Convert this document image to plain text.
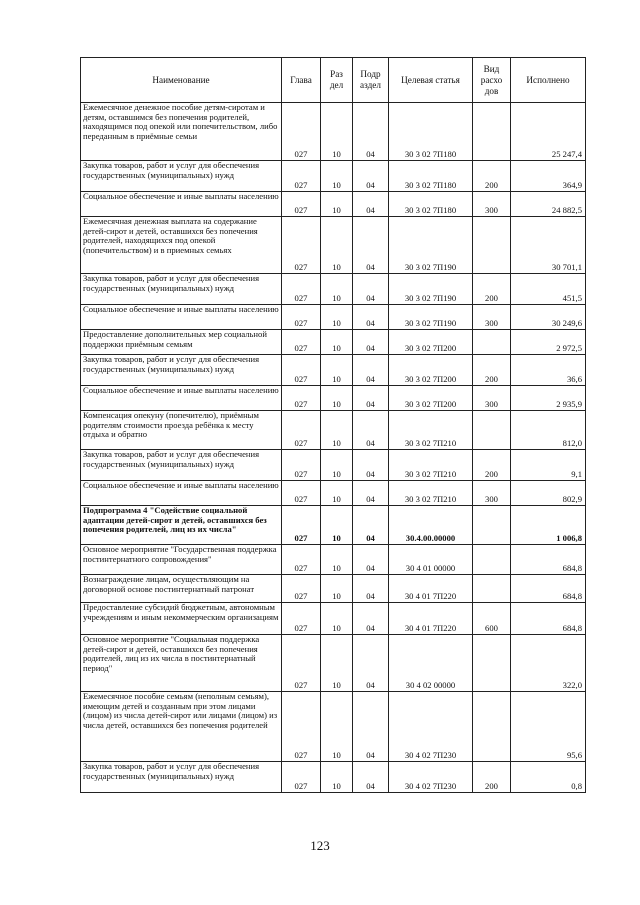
Наименование	Глава	Раз дел	Подр аздел	Целевая статья	Вид расхо дов	Исполнено
Ежемесячное денежное пособие детям-сиротам и детям, оставшимся без попечения родителей, находящимся под опекой или попечительством, либо переданным в приёмные семьи	027	10	04	30 3 02 7П180		25 247,4
Закупка товаров, работ и услуг для обеспечения государственных (муниципальных) нужд	027	10	04	30 3 02 7П180	200	364,9
Социальное обеспечение и иные выплаты населению	027	10	04	30 3 02 7П180	300	24 882,5
Ежемесячная денежная выплата на содержание детей-сирот и детей, оставшихся без попечения родителей, находящихся под опекой (попечительством) и в приемных семьях	027	10	04	30 3 02 7П190		30 701,1
Закупка товаров, работ и услуг для обеспечения государственных (муниципальных) нужд	027	10	04	30 3 02 7П190	200	451,5
Социальное обеспечение и иные выплаты населению	027	10	04	30 3 02 7П190	300	30 249,6
Предоставление дополнительных мер социальной поддержки приёмным семьям	027	10	04	30 3 02 7П200		2 972,5
Закупка товаров, работ и услуг для обеспечения государственных (муниципальных) нужд	027	10	04	30 3 02 7П200	200	36,6
Социальное обеспечение и иные выплаты населению	027	10	04	30 3 02 7П200	300	2 935,9
Компенсация опекуну (попечителю), приёмным родителям стоимости проезда ребёнка к месту отдыха и обратно	027	10	04	30 3 02 7П210		812,0
Закупка товаров, работ и услуг для обеспечения государственных (муниципальных) нужд	027	10	04	30 3 02 7П210	200	9,1
Социальное обеспечение и иные выплаты населению	027	10	04	30 3 02 7П210	300	802,9
Подпрограмма 4 "Содействие социальной адаптации детей-сирот и детей, оставшихся без попечения родителей, лиц из их числа"	027	10	04	30.4.00.00000		1 006,8
Основное мероприятие "Государственная поддержка постинтернатного сопровождения"	027	10	04	30 4 01 00000		684,8
Вознаграждение лицам, осуществляющим на договорной основе постинтернатный патронат	027	10	04	30 4 01 7П220		684,8
Предоставление субсидий бюджетным, автономным учреждениям и иным некоммерческим организациям	027	10	04	30 4 01 7П220	600	684,8
Основное мероприятие "Социальная поддержка детей-сирот и детей, оставшихся без попечения родителей, лиц из их числа в постинтернатный период"	027	10	04	30 4 02 00000		322,0
Ежемесячное пособие семьям (неполным семьям), имеющим детей и созданным при этом лицами (лицом) из числа детей-сирот или лицами (лицом) из числа детей, оставшихся без попечения родителей	027	10	04	30 4 02 7П230		95,6
Закупка товаров, работ и услуг для обеспечения государственных (муниципальных) нужд	027	10	04	30 4 02 7П230	200	0,8
123
